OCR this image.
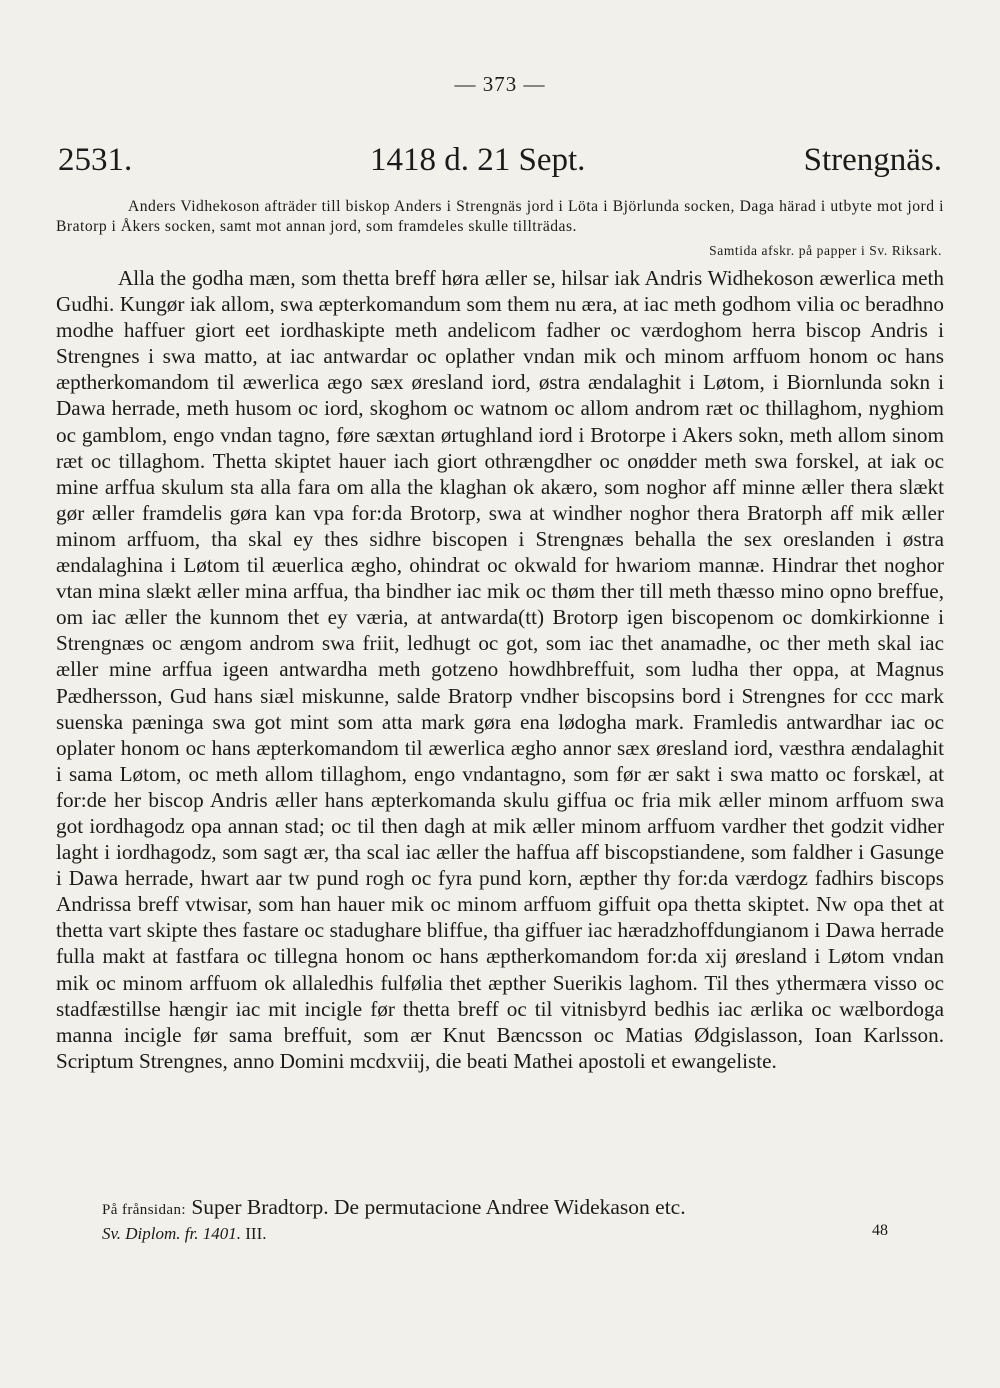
— 373 —
2531.	1418 d. 21 Sept.	Strengnäs.
Anders Vidhekoson afträder till biskop Anders i Strengnäs jord i Löta i Björlunda socken, Daga härad i utbyte mot jord i Bratorp i Åkers socken, samt mot annan jord, som framdeles skulle tillträdas.
Samtida afskr. på papper i Sv. Riksark.

Alla the godha mæn, som thetta breff høra æller se, hilsar iak Andris Widhekoson æwerlica meth Gudhi. Kungør iak allom, swa æpterkomandum som them nu æra, at iac meth godhom vilia oc beradhno modhe haffuer giort eet iordhaskipte meth andelicom fadher oc værdoghom herra biscop Andris i Strengnes i swa matto, at iac antwardar oc oplather vndan mik och minom arffuom honom oc hans æptherkomandom til æwerlica ægo sæx øresland iord, østra ændalaghit i Løtom, i Biornlunda sokn i Dawa herrade, meth husom oc iord, skoghom oc watnom oc allom androm ræt oc thillaghom, nyghiom oc gamblom, engo vndan tagno, føre sæxtan ørtughland iord i Brotorpe i Akers sokn, meth allom sinom ræt oc tillaghom. Thetta skiptet hauer iach giort othrængdher oc onødder meth swa forskel, at iak oc mine arffua skulum sta alla fara om alla the klaghan ok akæro, som noghor aff minne æller thera slækt gør æller framdelis gøra kan vpa for:da Brotorp, swa at windher noghor thera Bratorph aff mik æller minom arffuom, tha skal ey thes sidhre biscopen i Strengnæs behalla the sex oreslanden i østra ændalaghina i Løtom til æuerlica ægho, ohindrat oc okwald for hwariom mannæ. Hindrar thet noghor vtan mina slækt æller mina arffua, tha bindher iac mik oc thøm ther till meth thæsso mino opno breffue, om iac æller the kunnom thet ey væria, at antwarda(tt) Brotorp igen biscopenom oc domkirkionne i Strengnæs oc ængom androm swa friit, ledhugt oc got, som iac thet anamadhe, oc ther meth skal iac æller mine arffua igeen antwardha meth gotzeno howdhbreffuit, som ludha ther oppa, at Magnus Pædhersson, Gud hans siæl miskunne, salde Bratorp vndher biscopsins bord i Strengnes for ccc mark suenska pæninga swa got mint som atta mark gøra ena lødogha mark. Framledis antwardhar iac oc oplater honom oc hans æpterkomandom til æwerlica ægho annor sæx øresland iord, væsthra ændalaghit i sama Løtom, oc meth allom tillaghom, engo vndantagno, som før ær sakt i swa matto oc forskæl, at for:de her biscop Andris æller hans æpterkomanda skulu giffua oc fria mik æller minom arffuom swa got iordhagodz opa annan stad; oc til then dagh at mik æller minom arffuom vardher thet godzit vidher laght i iordhagodz, som sagt ær, tha scal iac æller the haffua aff biscopstiandene, som faldher i Gasunge i Dawa herrade, hwart aar tw pund rogh oc fyra pund korn, æpther thy for:da værdogz fadhirs biscops Andrissa breff vtwisar, som han hauer mik oc minom arffuom giffuit opa thetta skiptet. Nw opa thet at thetta vart skipte thes fastare oc stadughare bliffue, tha giffuer iac hæradzhoffdungianom i Dawa herrade fulla makt at fastfara oc tillegna honom oc hans æptherkomandom for:da xij øresland i Løtom vndan mik oc minom arffuom ok allaledhis fulfølia thet æpther Suerikis laghom. Til thes ythermæra visso oc stadfæstillse hængir iac mit incigle før thetta breff oc til vitnisbyrd bedhis iac ærlika oc wælbordoga manna incigle før sama breffuit, som ær Knut Bæncsson oc Matias Ødgislasson, Ioan Karlsson. Scriptum Strengnes, anno Domini mcdxviij, die beati Mathei apostoli et ewangeliste.

På frånsidan: Super Bradtorp. De permutacione Andree Widekason etc.
Sv. Diplom. fr. 1401. III.	48
